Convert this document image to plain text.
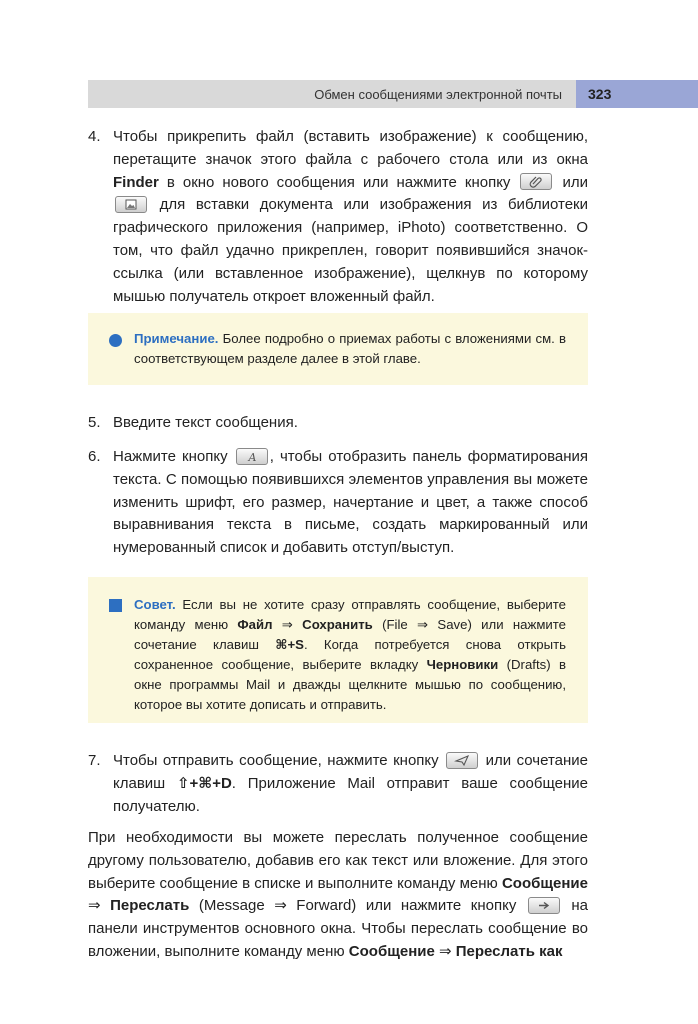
Обмен сообщениями электронной почты	323
4. Чтобы прикрепить файл (вставить изображение) к сообщению, перетащите значок этого файла с рабочего стола или из окна Finder в окно нового сообщения или нажмите кнопку
или
для вставки документа или изображения из библиотеки графического приложения (например, iPhoto) соответственно. О том, что файл удачно прикреплен, говорит появившийся значок-ссылка (или вставленное изображение), щелкнув по которому мышью получатель откроет вложенный файл.
Примечание. Более подробно о приемах работы с вложениями см. в соответствующем разделе далее в этой главе.
5. Введите текст сообщения.
6. Нажмите кнопку A , чтобы отобразить панель форматирования текста. С помощью появившихся элементов управления вы можете изменить шрифт, его размер, начертание и цвет, а также способ выравнивания текста в письме, создать маркированный или нумерованный список и добавить отступ/выступ.
Совет. Если вы не хотите сразу отправлять сообщение, выберите команду меню Файл ⇒ Сохранить (File ⇒ Save) или нажмите сочетание клавиш ⌘+S. Когда потребуется снова открыть сохраненное сообщение, выберите вкладку Черновики (Drafts) в окне программы Mail и дважды щелкните мышью по сообщению, которое вы хотите дописать и отправить.
7. Чтобы отправить сообщение, нажмите кнопку
или сочетание клавиш ⇧+⌘+D. Приложение Mail отправит ваше сообщение получателю.
При необходимости вы можете переслать полученное сообщение другому пользователю, добавив его как текст или вложение. Для этого выберите сообщение в списке и выполните команду меню Сообщение ⇒ Переслать (Message ⇒ Forward) или нажмите кнопку
на панели инструментов основного окна. Чтобы переслать сообщение во вложении, выполните команду меню Сообщение ⇒ Переслать как
